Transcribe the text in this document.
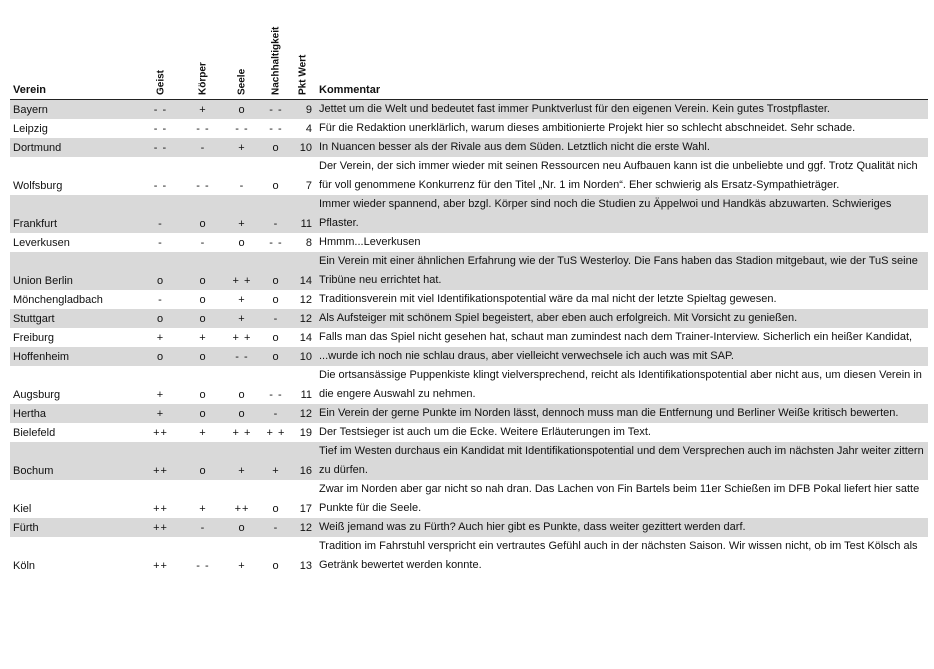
Verein	Geist	Körper	Seele	Nachhaltigkeit	Pkt Wert	Kommentar
Bayern	- -	+	o	- -	9	Jettet um die Welt und bedeutet fast immer Punktverlust für den eigenen Verein. Kein gutes Trostpflaster.
Leipzig	- -	- -	- -	- -	4	Für die Redaktion unerklärlich, warum dieses ambitionierte Projekt hier so schlecht abschneidet. Sehr schade.
Dortmund	- -	-	+	o	10	In Nuancen besser als der Rivale aus dem Süden. Letztlich nicht die erste Wahl.
Wolfsburg	- -	- -	-	o	7	Der Verein, der sich immer wieder mit seinen Ressourcen neu Aufbauen kann ist die unbeliebte und ggf. Trotz Qualität nich für voll genommene Konkurrenz für den Titel „Nr. 1 im Norden“. Eher schwierig als Ersatz-Sympathieträger.
Frankfurt	-	o	+	-	11	Immer wieder spannend, aber bzgl. Körper sind noch die Studien zu Äppelwoi und Handkäs abzuwarten. Schwieriges Pflaster.
Leverkusen	-	-	o	- -	8	Hmmm...Leverkusen
Union Berlin	o	o	+ +	o	14	Ein Verein mit einer ähnlichen Erfahrung wie der TuS Westerloy. Die Fans haben das Stadion mitgebaut, wie der TuS seine Tribüne neu errichtet hat.
Mönchengladbach	-	o	+	o	12	Traditionsverein mit viel Identifikationspotential wäre da mal nicht der letzte Spieltag gewesen.
Stuttgart	o	o	+	-	12	Als Aufsteiger mit schönem Spiel begeistert, aber eben auch erfolgreich. Mit Vorsicht zu genießen.
Freiburg	+	+	+ +	o	14	Falls man das Spiel nicht gesehen hat, schaut man zumindest nach dem Trainer-Interview. Sicherlich ein heißer Kandidat,
Hoffenheim	o	o	- -	o	10	...wurde ich noch nie schlau draus, aber vielleicht verwechsele ich auch was mit SAP.
Augsburg	+	o	o	- -	11	Die ortsansässige Puppenkiste klingt vielversprechend, reicht als Identifikationspotential aber nicht aus, um diesen Verein in die engere Auswahl zu nehmen.
Hertha	+	o	o	-	12	Ein Verein der gerne Punkte im Norden lässt, dennoch muss man die Entfernung und Berliner Weiße kritisch bewerten.
Bielefeld	++	+	+ +	+ +	19	Der Testsieger ist auch um die Ecke. Weitere Erläuterungen im Text.
Bochum	++	o	+	+	16	Tief im Westen durchaus ein Kandidat mit Identifikationspotential und dem Versprechen auch im nächsten Jahr weiter zittern zu dürfen.
Kiel	++	+	++	o	17	Zwar im Norden aber gar nicht so nah dran. Das Lachen von Fin Bartels beim 11er Schießen im DFB Pokal liefert hier satte Punkte für die Seele.
Fürth	++	-	o	-	12	Weiß jemand was zu Fürth? Auch hier gibt es Punkte, dass weiter gezittert werden darf.
Köln	++	- -	+	o	13	Tradition im Fahrstuhl verspricht ein vertrautes Gefühl auch in der nächsten Saison. Wir wissen nicht, ob im Test Kölsch als Getränk bewertet werden konnte.
